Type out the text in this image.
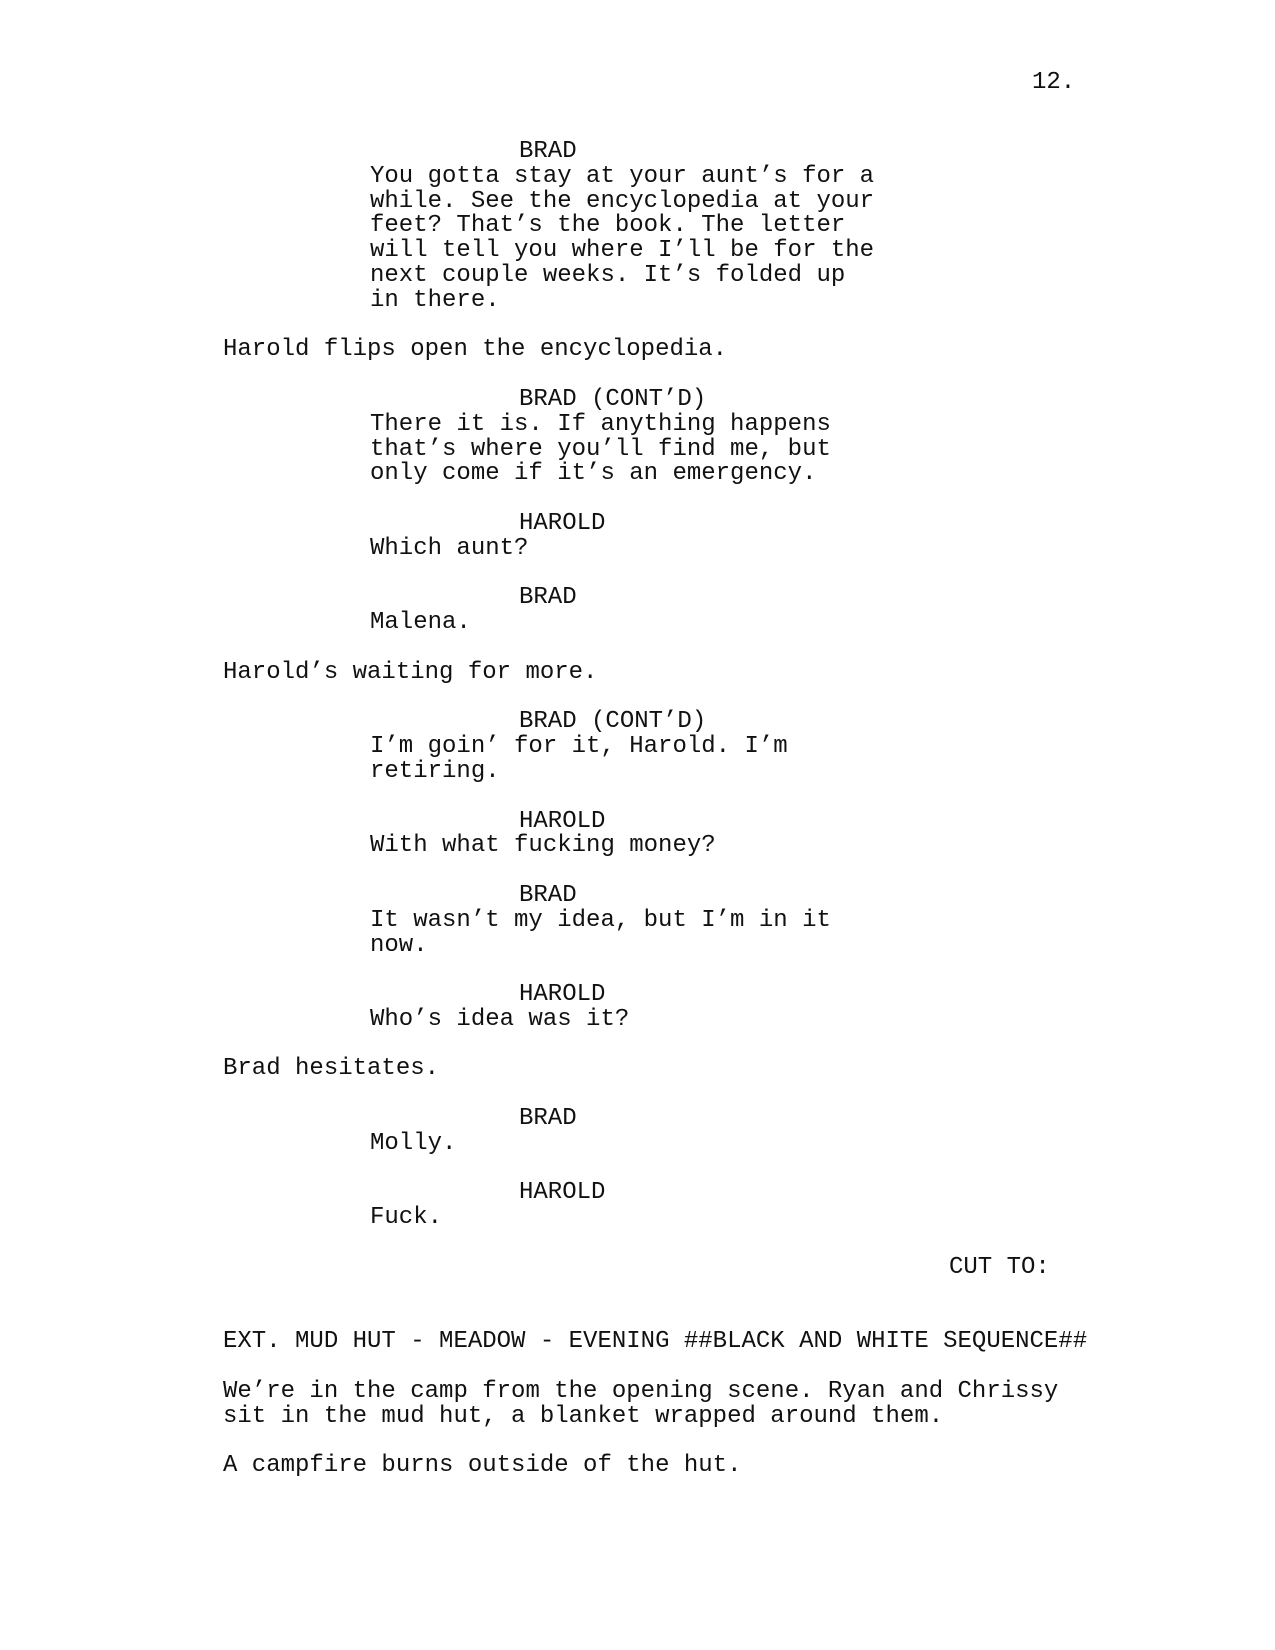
12.
BRAD
You gotta stay at your aunt’s for a
while. See the encyclopedia at your
feet? That’s the book. The letter
will tell you where I’ll be for the
next couple weeks. It’s folded up
in there.
Harold flips open the encyclopedia.
BRAD (CONT’D)
There it is. If anything happens
that’s where you’ll find me, but
only come if it’s an emergency.
HAROLD
Which aunt?
BRAD
Malena.
Harold’s waiting for more.
BRAD (CONT’D)
I’m goin’ for it, Harold. I’m
retiring.
HAROLD
With what fucking money?
BRAD
It wasn’t my idea, but I’m in it
now.
HAROLD
Who’s idea was it?
Brad hesitates.
BRAD
Molly.
HAROLD
Fuck.
CUT TO:
EXT. MUD HUT - MEADOW - EVENING ##BLACK AND WHITE SEQUENCE##
We’re in the camp from the opening scene. Ryan and Chrissy
sit in the mud hut, a blanket wrapped around them.
A campfire burns outside of the hut.
